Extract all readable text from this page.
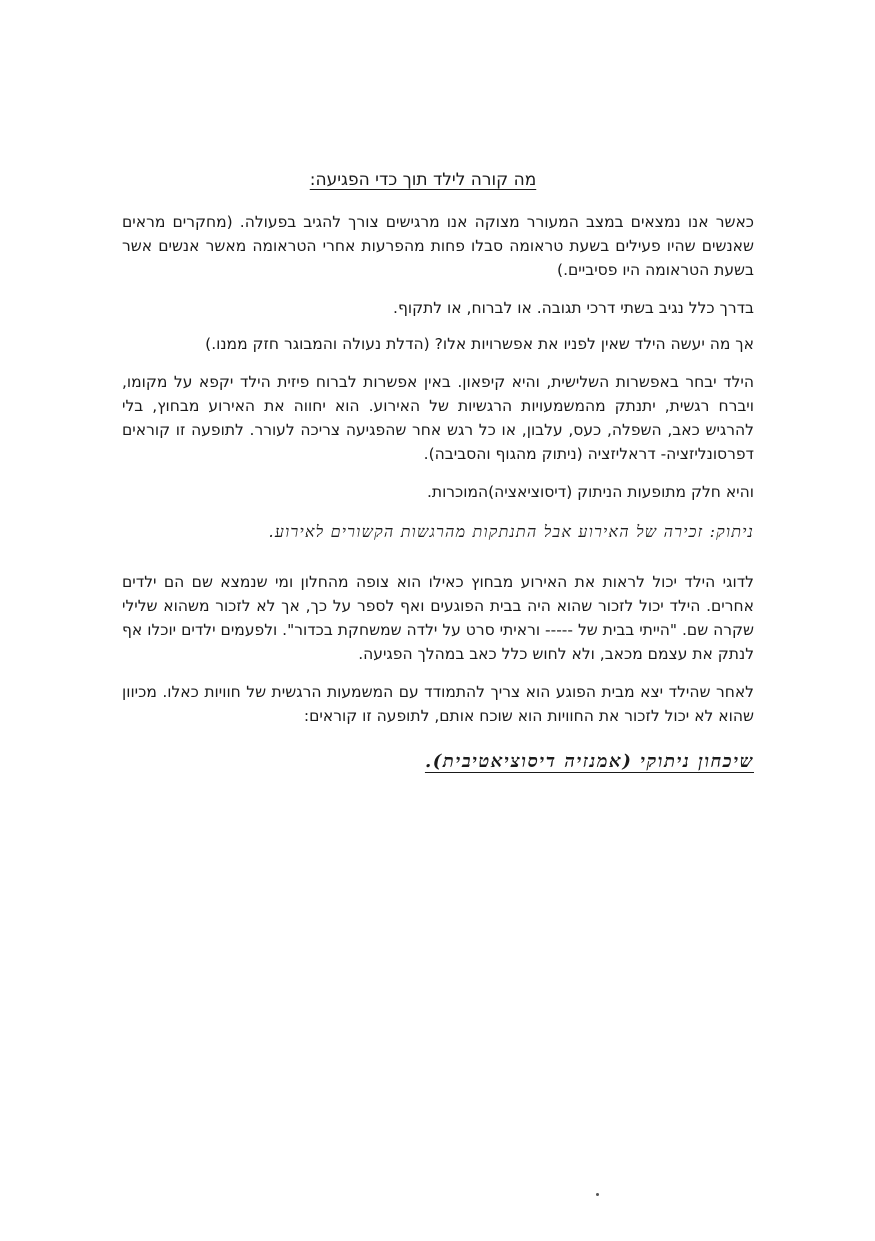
מה קורה לילד תוך כדי הפגיעה:

כאשר אנו נמצאים במצב המעורר מצוקה אנו מרגישים צורך להגיב בפעולה. (מחקרים מראים שאנשים שהיו פעילים בשעת טראומה סבלו פחות מהפרעות אחרי הטראומה מאשר אנשים אשר בשעת הטראומה היו פסיביים.)

בדרך כלל נגיב בשתי דרכי תגובה. או לברוח, או לתקוף.

אך מה יעשה הילד שאין לפניו את אפשרויות אלו? (הדלת נעולה והמבוגר חזק ממנו.)

הילד יבחר באפשרות השלישית, והיא קיפאון. באין אפשרות לברוח פיזית הילד יקפא על מקומו, ויברח רגשית, יתנתק מהמשמעויות הרגשיות של האירוע. הוא יחווה את האירוע מבחוץ, בלי להרגיש כאב, השפלה, כעס, עלבון, או כל רגש אחר שהפגיעה צריכה לעורר. לתופעה זו קוראים דפרסונליזציה- דראליזציה (ניתוק מהגוף והסביבה).

והיא חלק מתופעות הניתוק (דיסוציאציה)המוכרות.

ניתוק: זכירה של האירוע אבל התנתקות מהרגשות הקשורים לאירוע.

לדוגי הילד יכול לראות את האירוע מבחוץ כאילו הוא צופה מהחלון ומי שנמצא שם הם ילדים אחרים. הילד יכול לזכור שהוא היה בבית הפוגעים ואף לספר על כך, אך לא לזכור משהוא שלילי שקרה שם. "הייתי בבית של ----- וראיתי סרט על ילדה שמשחקת בכדור". ולפעמים ילדים יוכלו אף לנתק את עצמם מכאב, ולא לחוש כלל כאב במהלך הפגיעה.

לאחר שהילד יצא מבית הפוגע הוא צריך להתמודד עם המשמעות הרגשית של חוויות כאלו. מכיוון שהוא לא יכול לזכור את החוויות הוא שוכח אותם, לתופעה זו קוראים:

שיכחון ניתוקי (אמנזיה דיסוציאטיבית).
